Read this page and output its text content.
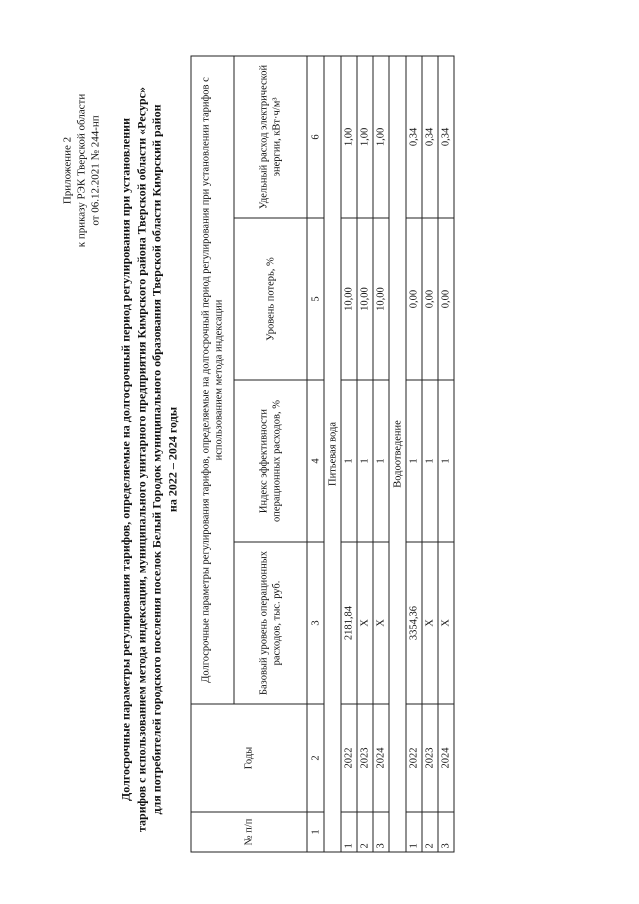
Приложение 2 к приказу РЭК Тверской области от 06.12.2021 № 244-нп Долгосрочные параметры регулирования тарифов, определяемые на долгосрочный период регулирования при установлении тарифов с использованием метода индексации, муниципального унитарного предприятия Кимрского района Тверской области «Ресурс» для потребителей городского поселения поселок Белый Городок муниципального образования Тверской области Кимрский район на 2022 – 2024 годы
№ п/п	Годы	Долгосрочные параметры регулирования тарифов, определяемые на долгосрочный период регулирования при установлении тарифов с использованием метода индексации			
		Базовый уровень операционных расходов, тыс. руб.	Индекс эффективности операционных расходов, %	Уровень потерь, %	Удельный расход электрической энергии, кВт·ч/м³
1	2	3	4	5	6
Питьевая вода					
1	2022	2181,84	1	10,00	1,00
2	2023	X	1	10,00	1,00
3	2024	X	1	10,00	1,00
Водоотведение					
1	2022	3354,36	1	0,00	0,34
2	2023	X	1	0,00	0,34
3	2024	X	1	0,00	0,34
